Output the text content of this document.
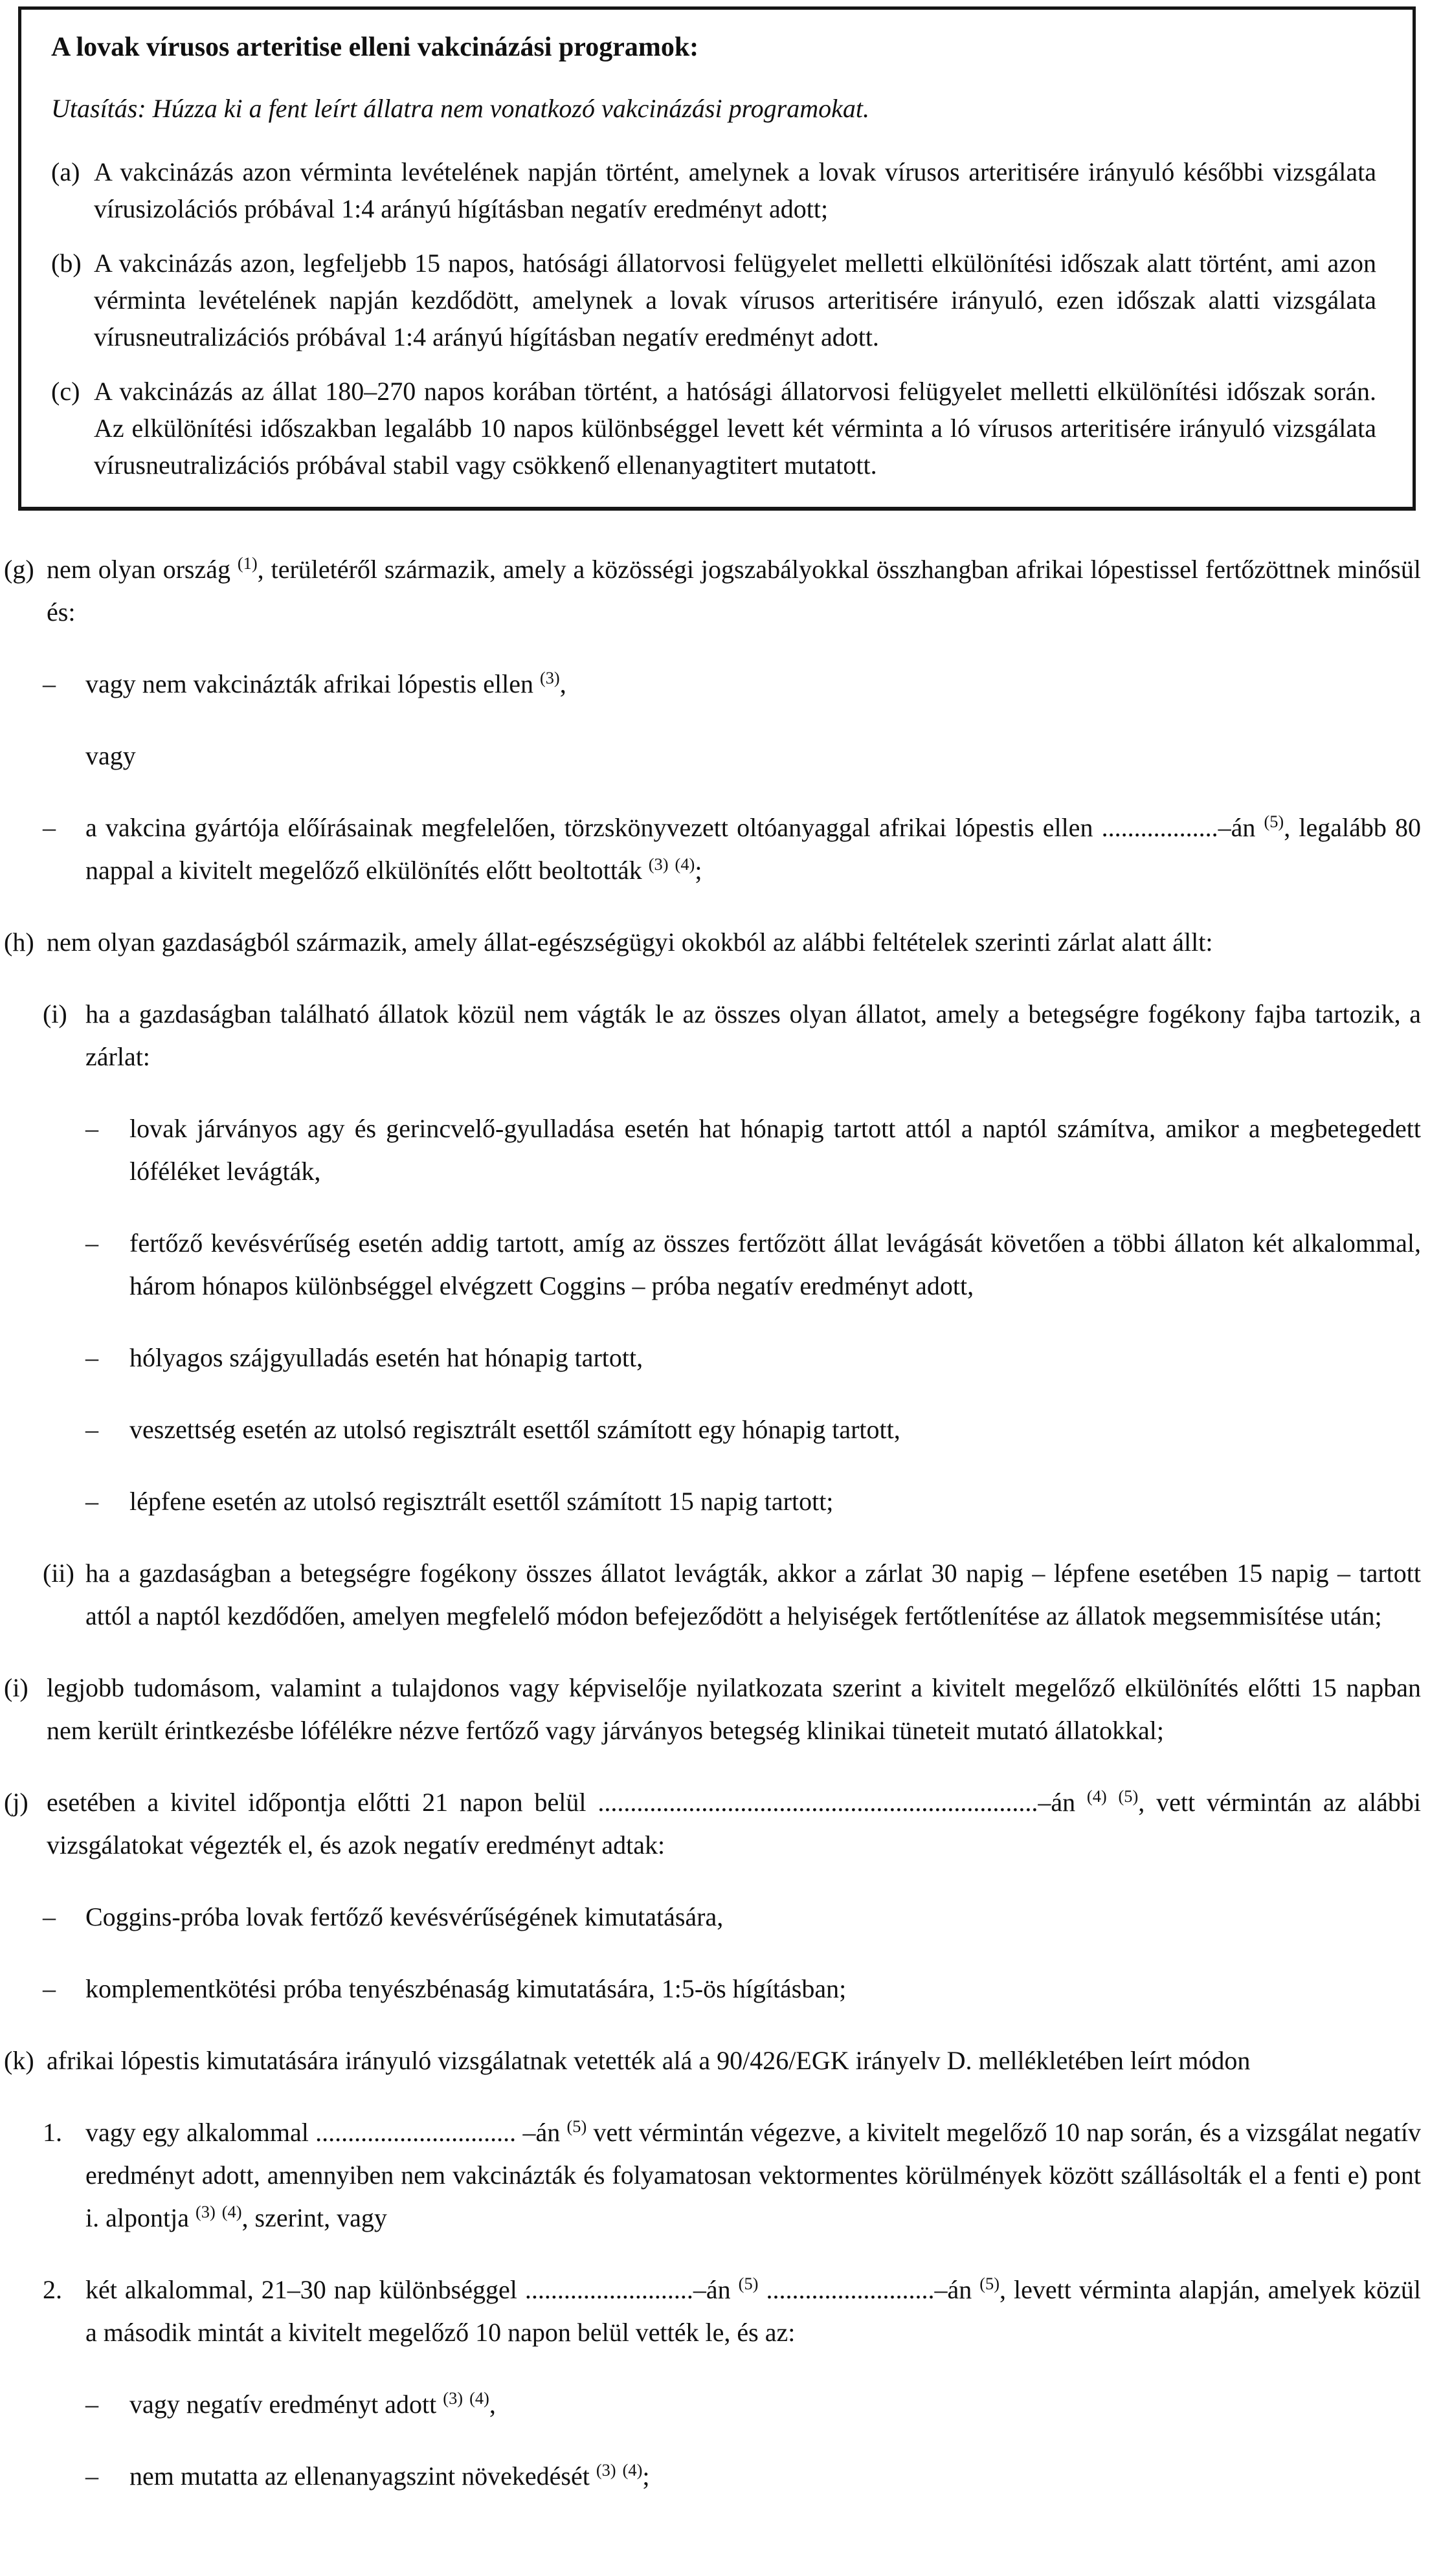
A lovak vírusos arteritise elleni vakcinázási programok:
Utasítás: Húzza ki a fent leírt állatra nem vonatkozó vakcinázási programokat.
(a) A vakcinázás azon vérminta levételének napján történt, amelynek a lovak vírusos arteritisére irányuló későbbi vizsgálata vírusizolációs próbával 1:4 arányú hígításban negatív eredményt adott;
(b) A vakcinázás azon, legfeljebb 15 napos, hatósági állatorvosi felügyelet melletti elkülönítési időszak alatt történt, ami azon vérminta levételének napján kezdődött, amelynek a lovak vírusos arteritisére irányuló, ezen időszak alatti vizsgálata vírusneutralizációs próbával 1:4 arányú hígításban negatív eredményt adott.
(c) A vakcinázás az állat 180–270 napos korában történt, a hatósági állatorvosi felügyelet melletti elkülönítési időszak során. Az elkülönítési időszakban legalább 10 napos különbséggel levett két vérminta a ló vírusos arteritisére irányuló vizsgálata vírusneutralizációs próbával stabil vagy csökkenő ellenanyagtitert mutatott.
(g) nem olyan ország $^{(1)}$, területéről származik, amely a közösségi jogszabályokkal összhangban afrikai lópestissel fertőzöttnek minősül és:
–	vagy nem vakcinázták afrikai lópestis ellen $^{(3)}$,
vagy
–	a vakcina gyártója előírásainak megfelelően, törzskönyvezett oltóanyaggal afrikai lópestis ellen ..................–án $^{(5)}$, legalább 80 nappal a kivitelt megelőző elkülönítés előtt beoltották $^{(3)}$ $^{(4)}$;
(h) nem olyan gazdaságból származik, amely állat-egészségügyi okokból az alábbi feltételek szerinti zárlat alatt állt:
(i) ha a gazdaságban található állatok közül nem vágták le az összes olyan állatot, amely a betegségre fogékony fajba tartozik, a zárlat:
–	lovak járványos agy és gerincvelő-gyulladása esetén hat hónapig tartott attól a naptól számítva, amikor a megbetegedett lóféléket levágták,
–	fertőző kevésvérűség esetén addig tartott, amíg az összes fertőzött állat levágását követően a többi állaton két alkalommal, három hónapos különbséggel elvégzett Coggins – próba negatív eredményt adott,
–	hólyagos szájgyulladás esetén hat hónapig tartott,
–	veszettség esetén az utolsó regisztrált esettől számított egy hónapig tartott,
–	lépfene esetén az utolsó regisztrált esettől számított 15 napig tartott;
(ii) ha a gazdaságban a betegségre fogékony összes állatot levágták, akkor a zárlat 30 napig – lépfene esetében 15 napig – tartott attól a naptól kezdődően, amelyen megfelelő módon befejeződött a helyiségek fertőtlenítése az állatok megsemmisítése után;
(i) legjobb tudomásom, valamint a tulajdonos vagy képviselője nyilatkozata szerint a kivitelt megelőző elkülönítés előtti 15 napban nem került érintkezésbe lófélékre nézve fertőző vagy járványos betegség klinikai tüneteit mutató állatokkal;
(j) esetében a kivitel időpontja előtti 21 napon belül ....................................................................–án $^{(4)}$ $^{(5)}$, vett vérmintán az alábbi vizsgálatokat végezték el, és azok negatív eredményt adtak:
–	Coggins-próba lovak fertőző kevésvérűségének kimutatására,
–	komplementkötési próba tenyészbénaság kimutatására, 1:5-ös hígításban;
(k) afrikai lópestis kimutatására irányuló vizsgálatnak vetették alá a 90/426/EGK irányelv D. mellékletében leírt módon
1. vagy egy alkalommal ............................... –án $^{(5)}$ vett vérmintán végezve, a kivitelt megelőző 10 nap során, és a vizsgálat negatív eredményt adott, amennyiben nem vakcinázták és folyamatosan vektormentes körülmények között szállásolták el a fenti e) pont i. alpontja $^{(3)}$ $^{(4)}$, szerint, vagy
2. két alkalommal, 21–30 nap különbséggel ..........................–án $^{(5)}$ ..........................–án $^{(5)}$, levett vérminta alapján, amelyek közül a második mintát a kivitelt megelőző 10 napon belül vették le, és az:
–	vagy negatív eredményt adott $^{(3)}$ $^{(4)}$,
–	nem mutatta az ellenanyagszint növekedését $^{(3)}$ $^{(4)}$;
